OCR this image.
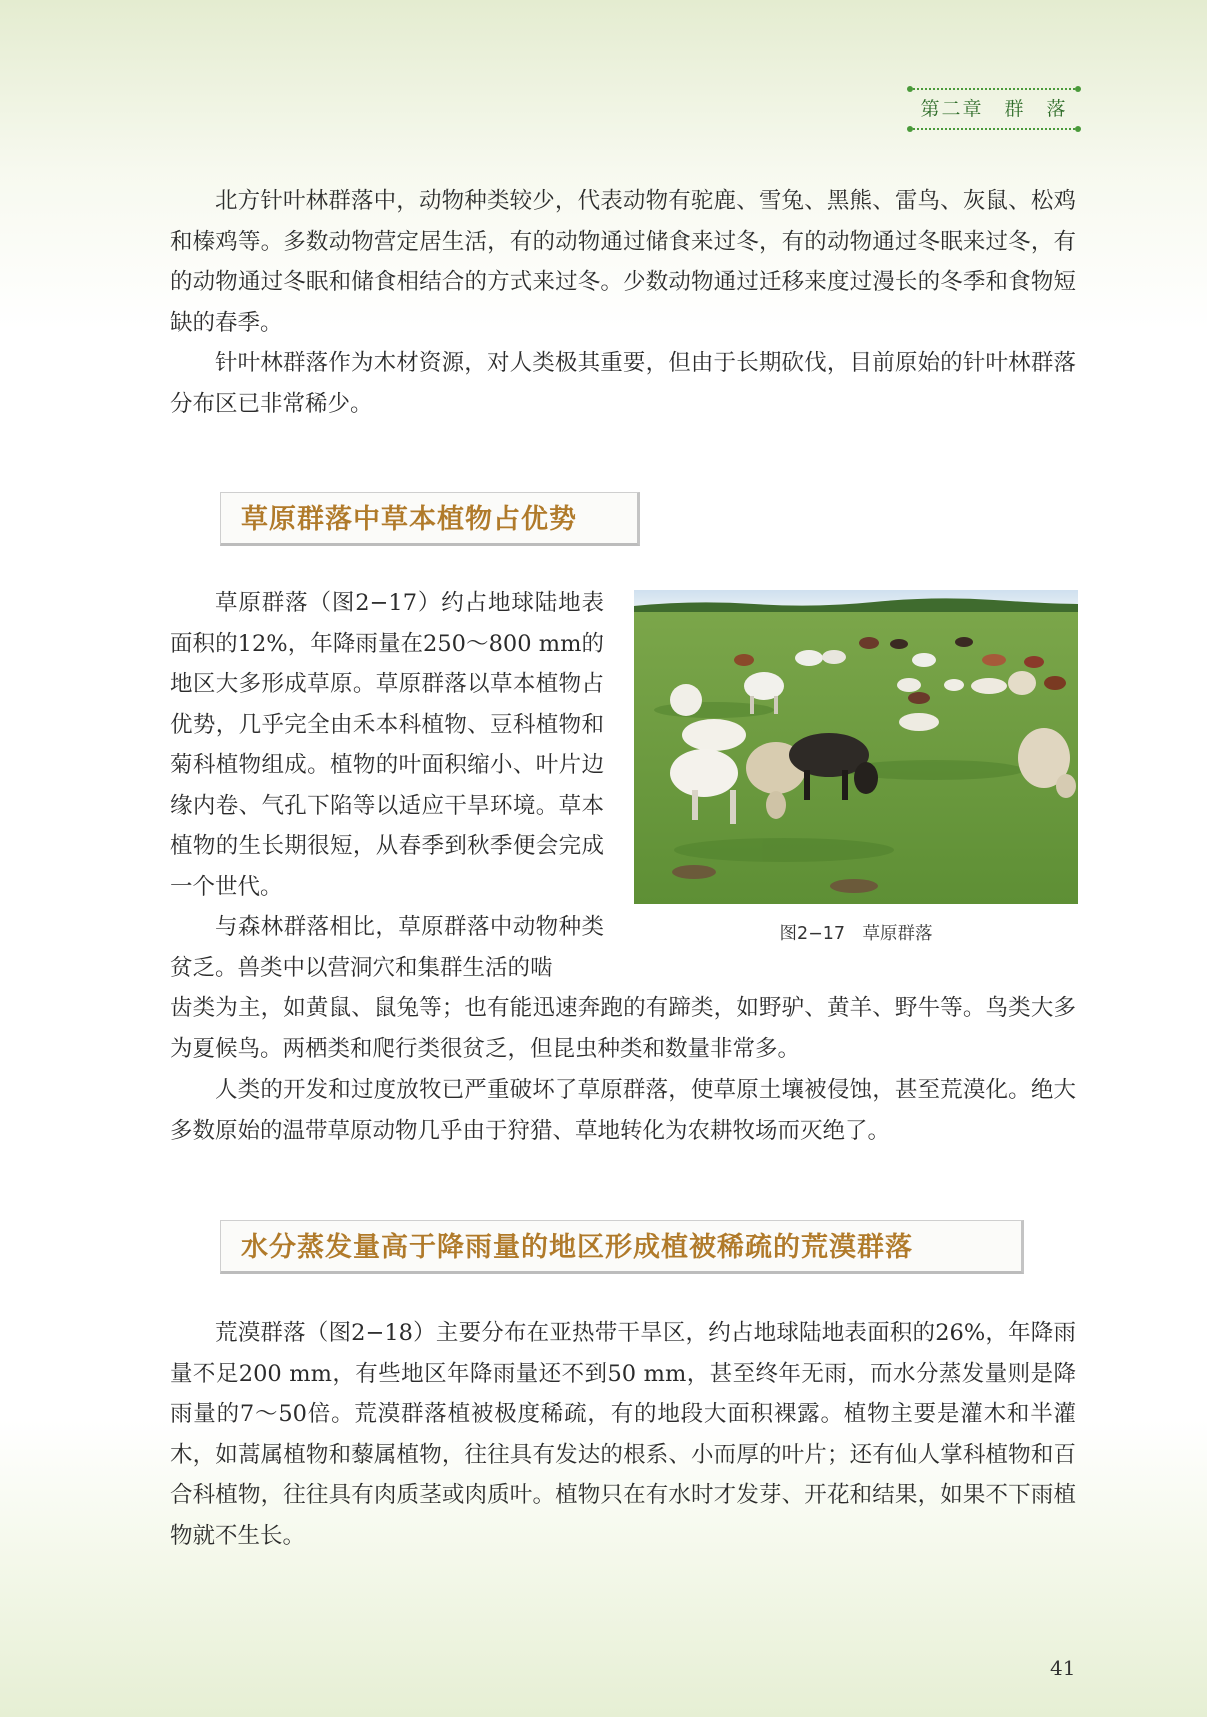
第二章　群　落

北方针叶林群落中，动物种类较少，代表动物有驼鹿、雪兔、黑熊、雷鸟、灰鼠、松鸡和榛鸡等。多数动物营定居生活，有的动物通过储食来过冬，有的动物通过冬眠来过冬，有的动物通过冬眠和储食相结合的方式来过冬。少数动物通过迁移来度过漫长的冬季和食物短缺的春季。

针叶林群落作为木材资源，对人类极其重要，但由于长期砍伐，目前原始的针叶林群落分布区已非常稀少。

草原群落中草本植物占优势

草原群落（图2−17）约占地球陆地表面积的12%，年降雨量在250～800 mm的地区大多形成草原。草原群落以草本植物占优势，几乎完全由禾本科植物、豆科植物和菊科植物组成。植物的叶面积缩小、叶片边缘内卷、气孔下陷等以适应干旱环境。草本植物的生长期很短，从春季到秋季便会完成一个世代。

与森林群落相比，草原群落中动物种类贫乏。兽类中以营洞穴和集群生活的啮

齿类为主，如黄鼠、鼠兔等；也有能迅速奔跑的有蹄类，如野驴、黄羊、野牛等。鸟类大多为夏候鸟。两栖类和爬行类很贫乏，但昆虫种类和数量非常多。

人类的开发和过度放牧已严重破坏了草原群落，使草原土壤被侵蚀，甚至荒漠化。绝大多数原始的温带草原动物几乎由于狩猎、草地转化为农耕牧场而灭绝了。

水分蒸发量高于降雨量的地区形成植被稀疏的荒漠群落

荒漠群落（图2−18）主要分布在亚热带干旱区，约占地球陆地表面积的26%，年降雨量不足200 mm，有些地区年降雨量还不到50 mm，甚至终年无雨，而水分蒸发量则是降雨量的7～50倍。荒漠群落植被极度稀疏，有的地段大面积裸露。植物主要是灌木和半灌木，如蒿属植物和藜属植物，往往具有发达的根系、小而厚的叶片；还有仙人掌科植物和百合科植物，往往具有肉质茎或肉质叶。植物只在有水时才发芽、开花和结果，如果不下雨植物就不生长。

图2−17　草原群落
41
